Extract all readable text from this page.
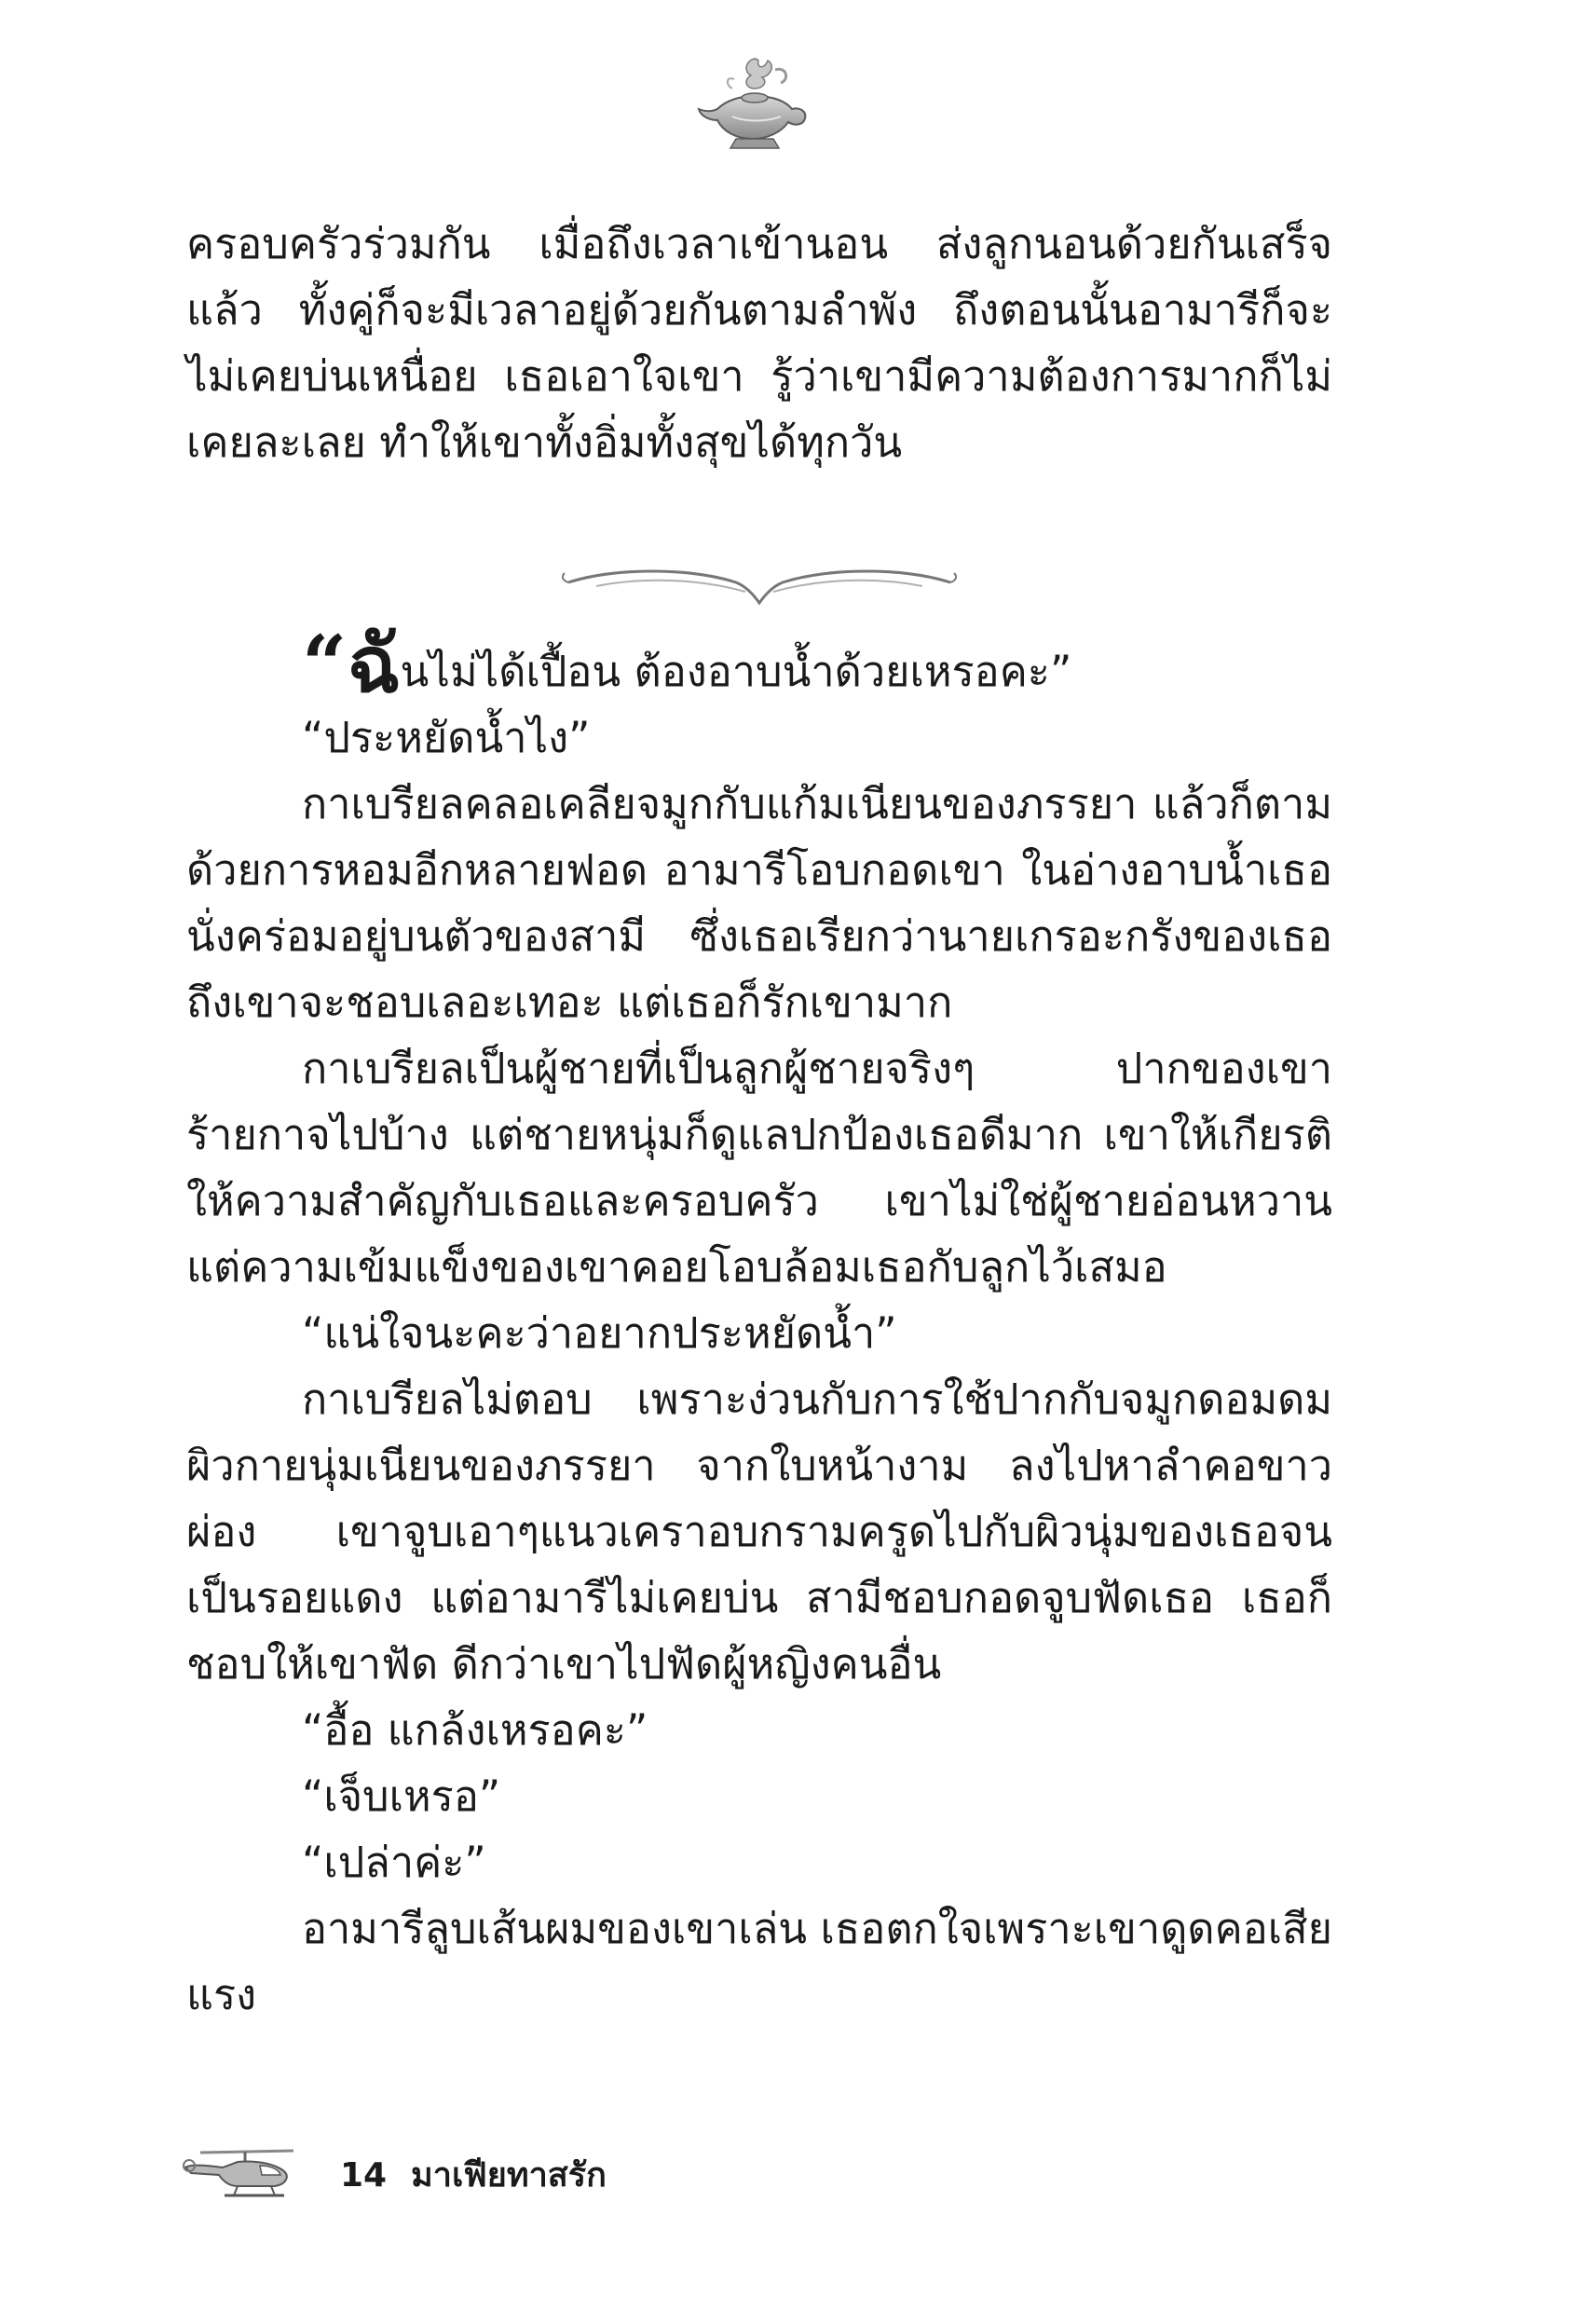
ครอบครัวร่วมกัน เมื่อถึงเวลาเข้านอน ส่งลูกนอนด้วยกันเสร็จแล้ว ทั้งคู่ก็จะมีเวลาอยู่ด้วยกันตามลำพัง ถึงตอนนั้นอามารีก็จะไม่เคยบ่นเหนื่อย เธอเอาใจเขา รู้ว่าเขามีความต้องการมากก็ไม่เคยละเลย ทำให้เขาทั้งอิ่มทั้งสุขได้ทุกวัน

“ฉันไม่ได้เปื้อน ต้องอาบน้ำด้วยเหรอคะ”

“ประหยัดน้ำไง”

กาเบรียลคลอเคลียจมูกกับแก้มเนียนของภรรยา แล้วก็ตามด้วยการหอมอีกหลายฟอด อามารีโอบกอดเขา ในอ่างอาบน้ำเธอนั่งคร่อมอยู่บนตัวของสามี ซึ่งเธอเรียกว่านายเกรอะกรังของเธอ ถึงเขาจะชอบเลอะเทอะ แต่เธอก็รักเขามาก

กาเบรียลเป็นผู้ชายที่เป็นลูกผู้ชายจริงๆ ปากของเขาร้ายกาจไปบ้าง แต่ชายหนุ่มก็ดูแลปกป้องเธอดีมาก เขาให้เกียรติ ให้ความสำคัญกับเธอและครอบครัว เขาไม่ใช่ผู้ชายอ่อนหวาน แต่ความเข้มแข็งของเขาคอยโอบล้อมเธอกับลูกไว้เสมอ

“แน่ใจนะคะว่าอยากประหยัดน้ำ”

กาเบรียลไม่ตอบ เพราะง่วนกับการใช้ปากกับจมูกดอมดมผิวกายนุ่มเนียนของภรรยา จากใบหน้างาม ลงไปหาลำคอขาวผ่อง เขาจูบเอาๆแนวเคราอบกรามครูดไปกับผิวนุ่มของเธอจนเป็นรอยแดง แต่อามารีไม่เคยบ่น สามีชอบกอดจูบฟัดเธอ เธอก็ชอบให้เขาฟัด ดีกว่าเขาไปฟัดผู้หญิงคนอื่น

“อื้อ แกล้งเหรอคะ”

“เจ็บเหรอ”

“เปล่าค่ะ”

อามารีลูบเส้นผมของเขาเล่น เธอตกใจเพราะเขาดูดคอเสียแรง

14 มาเฟียทาสรัก
